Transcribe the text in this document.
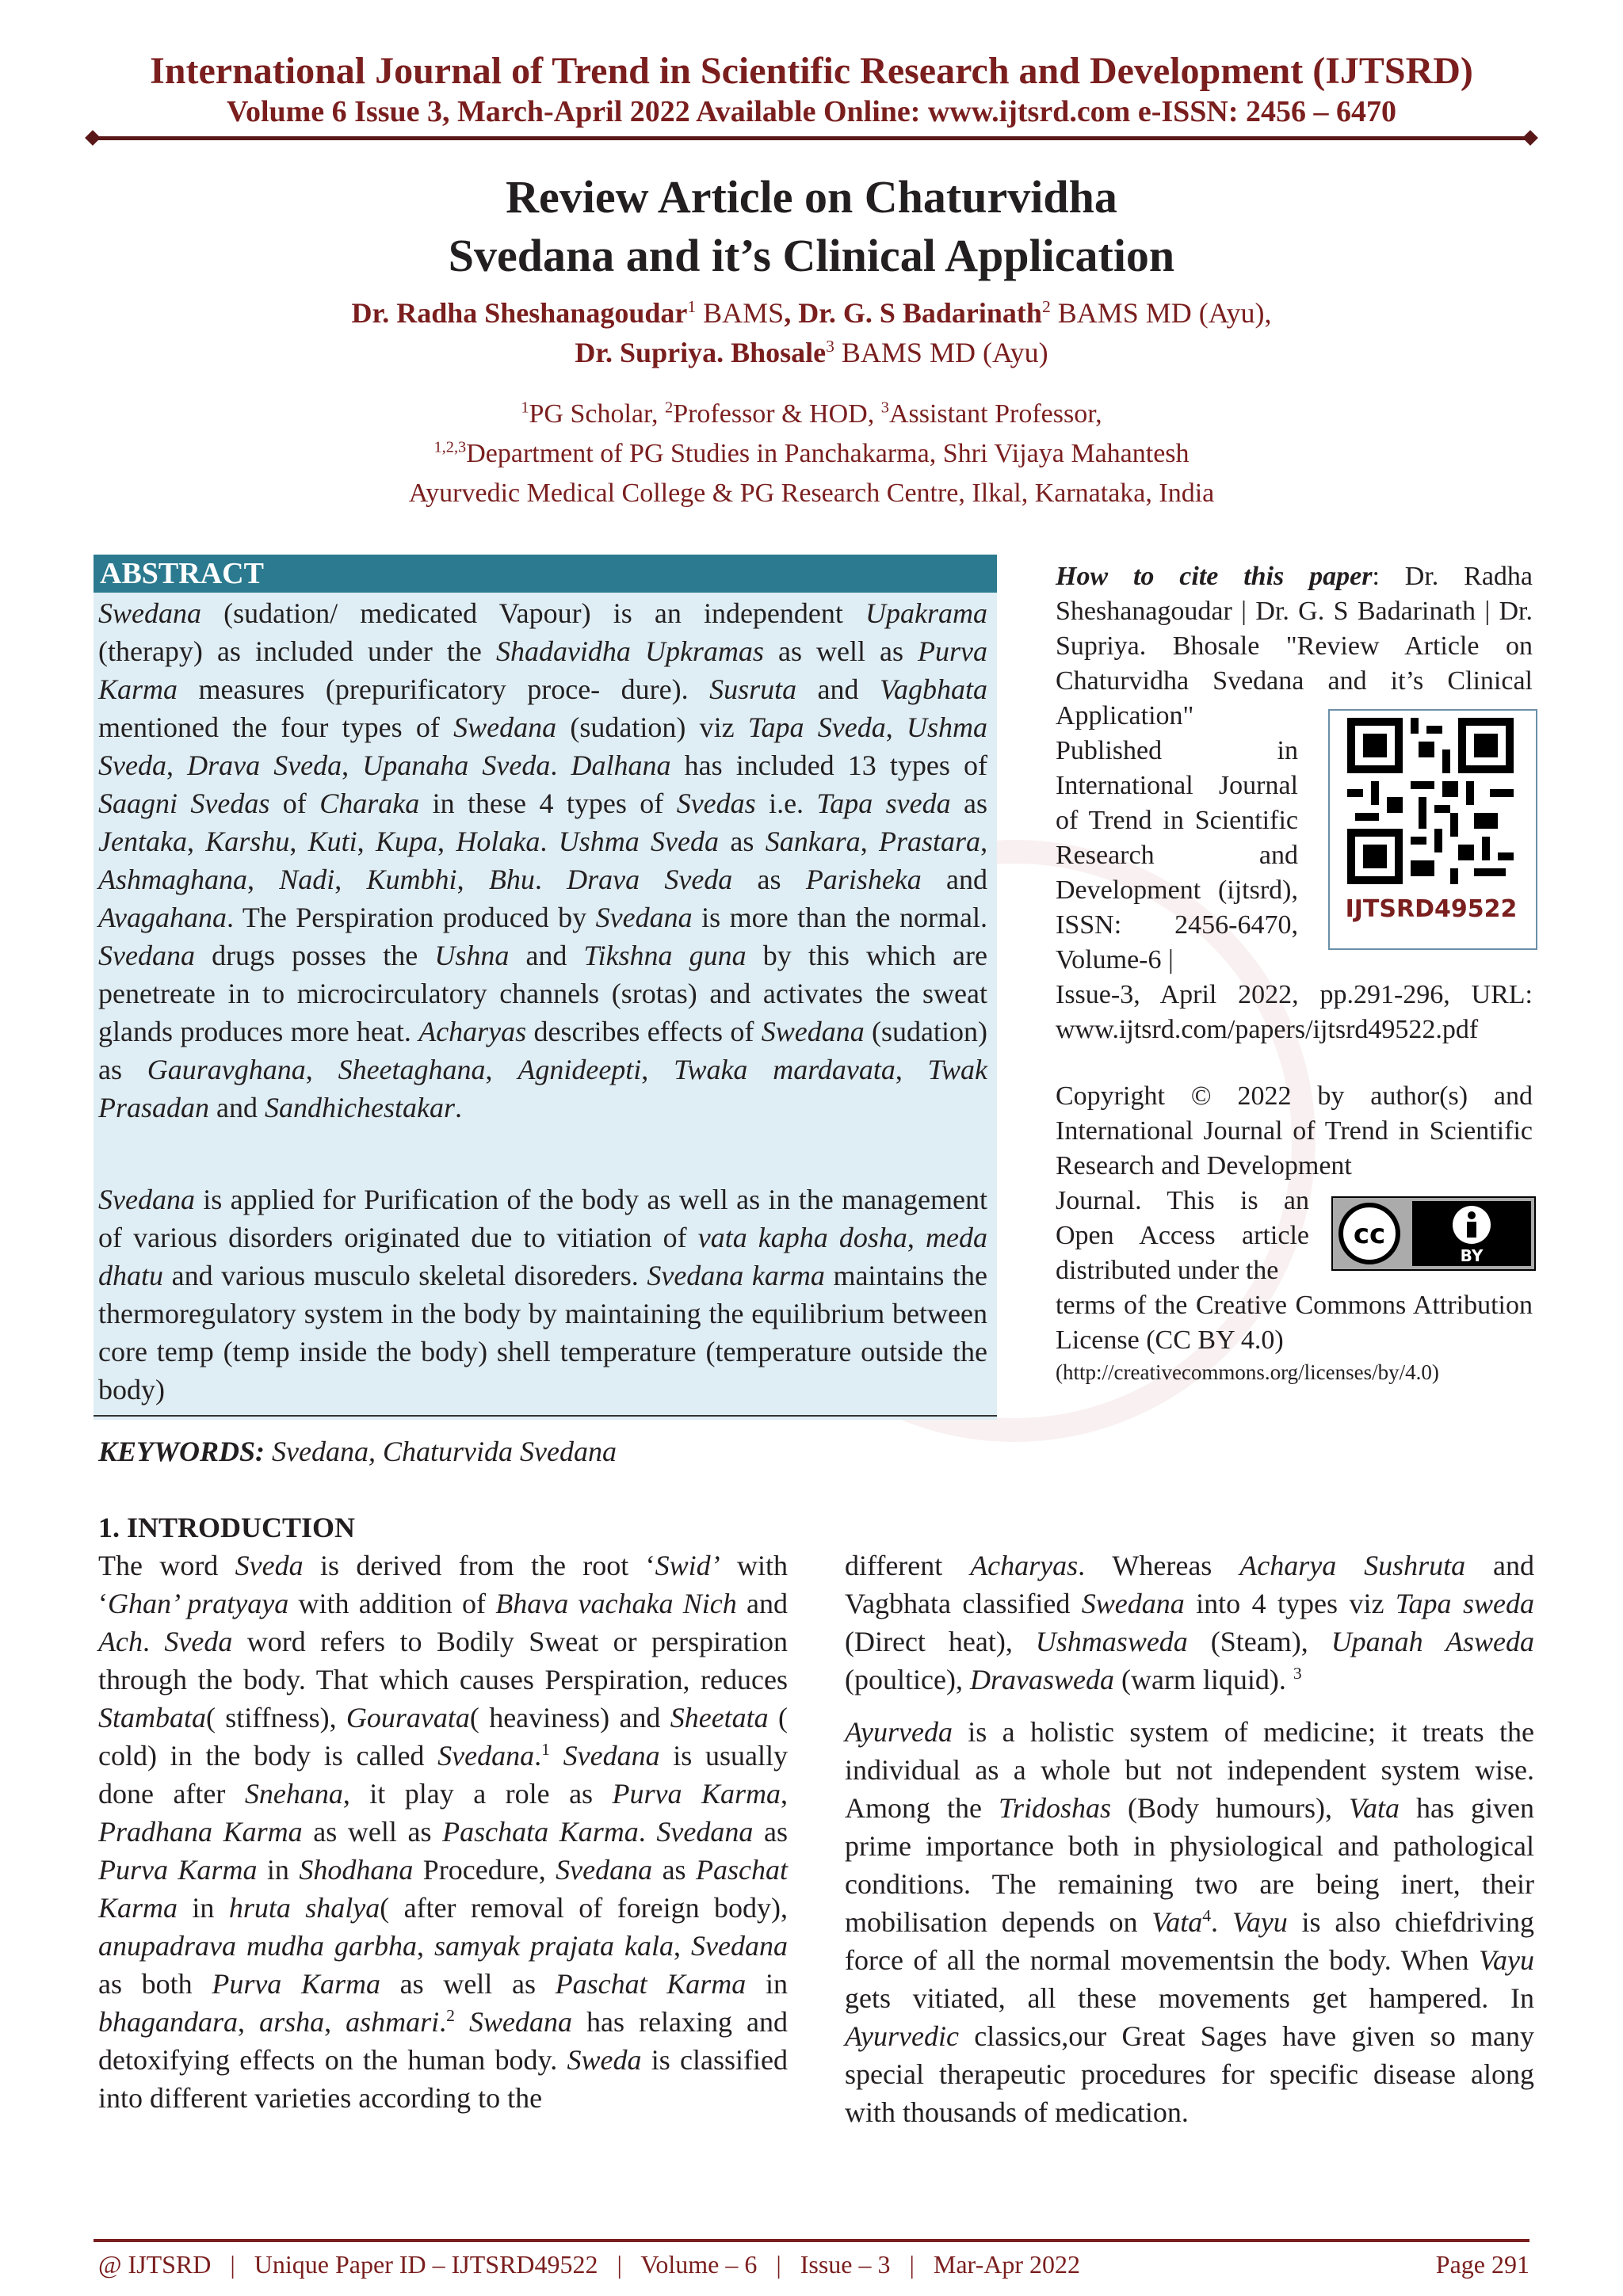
International Journal of Trend in Scientific Research and Development (IJTSRD)
Volume 6 Issue 3, March-April 2022 Available Online: www.ijtsrd.com e-ISSN: 2456 – 6470
Review Article on Chaturvidha
Svedana and it’s Clinical Application
Dr. Radha Sheshanagoudar$^1$ BAMS, Dr. G. S Badarinath$^2$ BAMS MD (Ayu),
Dr. Supriya. Bhosale$^3$ BAMS MD (Ayu)
$^1$PG Scholar, $^2$Professor & HOD, $^3$Assistant Professor,
$^{1,2,3}$Department of PG Studies in Panchakarma, Shri Vijaya Mahantesh
Ayurvedic Medical College & PG Research Centre, Ilkal, Karnataka, India
ABSTRACT
Swedana (sudation/ medicated Vapour) is an independent Upakrama (therapy) as included under the Shadavidha Upkramas as well as Purva Karma measures (prepurificatory proce- dure). Susruta and Vagbhata mentioned the four types of Swedana (sudation) viz Tapa Sveda, Ushma Sveda, Drava Sveda, Upanaha Sveda. Dalhana has included 13 types of Saagni Svedas of Charaka in these 4 types of Svedas i.e. Tapa sveda as Jentaka, Karshu, Kuti, Kupa, Holaka. Ushma Sveda as Sankara, Prastara, Ashmaghana, Nadi, Kumbhi, Bhu. Drava Sveda as Parisheka and Avagahana. The Perspiration produced by Svedana is more than the normal. Svedana drugs posses the Ushna and Tikshna guna by this which are penetreate in to microcirculatory channels (srotas) and activates the sweat glands produces more heat. Acharyas describes effects of Swedana (sudation) as Gauravghana, Sheetaghana, Agnideepti, Twaka mardavata, Twak Prasadan and Sandhichestakar.
Svedana is applied for Purification of the body as well as in the management of various disorders originated due to vitiation of vata kapha dosha, meda dhatu and various musculo skeletal disoreders. Svedana karma maintains the thermoregulatory system in the body by maintaining the equilibrium between core temp (temp inside the body) shell temperature (temperature outside the body)
How to cite this paper: Dr. Radha Sheshanagoudar | Dr. G. S Badarinath | Dr. Supriya. Bhosale "Review Article on Chaturvidha Svedana and it’s Clinical Application"
Published in International Journal of Trend in Scientific Research and Development (ijtsrd), ISSN: 2456-6470, Volume-6 |
Issue-3, April 2022, pp.291-296, URL: www.ijtsrd.com/papers/ijtsrd49522.pdf
IJTSRD49522
Copyright © 2022 by author(s) and International Journal of Trend in Scientific Research and Development
Journal. This is an Open Access article distributed under the
cc
BY
terms of the Creative Commons Attribution License (CC BY 4.0)
(http://creativecommons.org/licenses/by/4.0)
KEYWORDS: Svedana, Chaturvida Svedana
1. INTRODUCTION
The word Sveda is derived from the root ‘Swid’ with ‘Ghan’ pratyaya with addition of Bhava vachaka Nich and Ach. Sveda word refers to Bodily Sweat or perspiration through the body. That which causes Perspiration, reduces Stambata( stiffness), Gouravata( heaviness) and Sheetata ( cold) in the body is called Svedana.$^1$ Svedana is usually done after Snehana, it play a role as Purva Karma, Pradhana Karma as well as Paschata Karma. Svedana as Purva Karma in Shodhana Procedure, Svedana as Paschat Karma in hruta shalya( after removal of foreign body), anupadrava mudha garbha, samyak prajata kala, Svedana as both Purva Karma as well as Paschat Karma in bhagandara, arsha, ashmari.$^2$ Swedana has relaxing and detoxifying effects on the human body. Sweda is classified into different varieties according to the
different Acharyas. Whereas Acharya Sushruta and Vagbhata classified Swedana into 4 types viz Tapa sweda (Direct heat), Ushmasweda (Steam), Upanah Asweda (poultice), Dravasweda (warm liquid). $^3$
Ayurveda is a holistic system of medicine; it treats the individual as a whole but not independent system wise. Among the Tridoshas (Body humours), Vata has given prime importance both in physiological and pathological conditions. The remaining two are being inert, their mobilisation depends on Vata$^4$. Vayu is also chiefdriving force of all the normal movementsin the body. When Vayu gets vitiated, all these movements get hampered. In Ayurvedic classics,our Great Sages have given so many special therapeutic procedures for specific disease along with thousands of medication.
@ IJTSRD   |   Unique Paper ID – IJTSRD49522   |   Volume – 6   |   Issue – 3   |   Mar-Apr 2022	Page 291
